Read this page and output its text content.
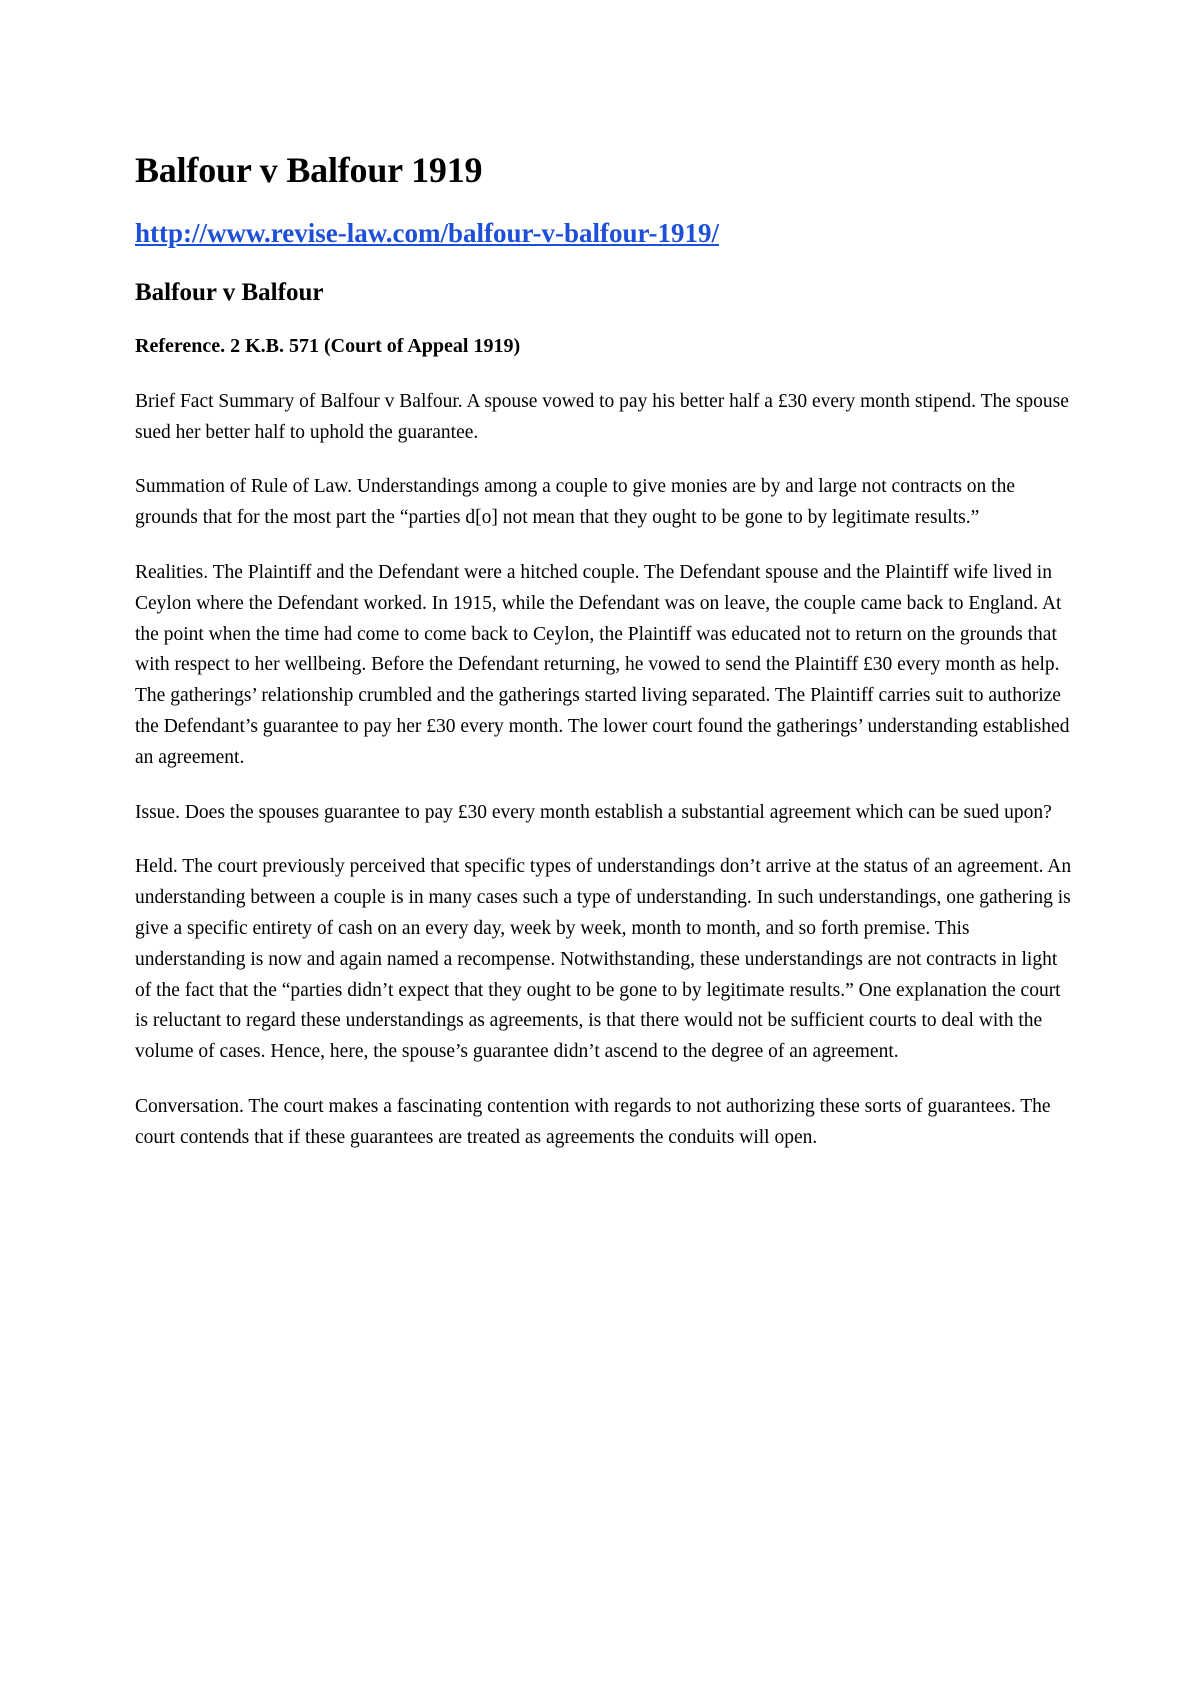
Balfour v Balfour 1919
http://www.revise-law.com/balfour-v-balfour-1919/
Balfour v Balfour
Reference. 2 K.B. 571 (Court of Appeal 1919)

Brief Fact Summary of Balfour v Balfour. A spouse vowed to pay his better half a £30 every month stipend. The spouse sued her better half to uphold the guarantee.

Summation of Rule of Law. Understandings among a couple to give monies are by and large not contracts on the grounds that for the most part the “parties d[o] not mean that they ought to be gone to by legitimate results.”

Realities. The Plaintiff and the Defendant were a hitched couple. The Defendant spouse and the Plaintiff wife lived in Ceylon where the Defendant worked. In 1915, while the Defendant was on leave, the couple came back to England. At the point when the time had come to come back to Ceylon, the Plaintiff was educated not to return on the grounds that with respect to her wellbeing. Before the Defendant returning, he vowed to send the Plaintiff £30 every month as help. The gatherings’ relationship crumbled and the gatherings started living separated. The Plaintiff carries suit to authorize the Defendant’s guarantee to pay her £30 every month. The lower court found the gatherings’ understanding established an agreement.

Issue. Does the spouses guarantee to pay £30 every month establish a substantial agreement which can be sued upon?

Held. The court previously perceived that specific types of understandings don’t arrive at the status of an agreement. An understanding between a couple is in many cases such a type of understanding. In such understandings, one gathering is give a specific entirety of cash on an every day, week by week, month to month, and so forth premise. This understanding is now and again named a recompense. Notwithstanding, these understandings are not contracts in light of the fact that the “parties didn’t expect that they ought to be gone to by legitimate results.” One explanation the court is reluctant to regard these understandings as agreements, is that there would not be sufficient courts to deal with the volume of cases. Hence, here, the spouse’s guarantee didn’t ascend to the degree of an agreement.

Conversation. The court makes a fascinating contention with regards to not authorizing these sorts of guarantees. The court contends that if these guarantees are treated as agreements the conduits will open.
